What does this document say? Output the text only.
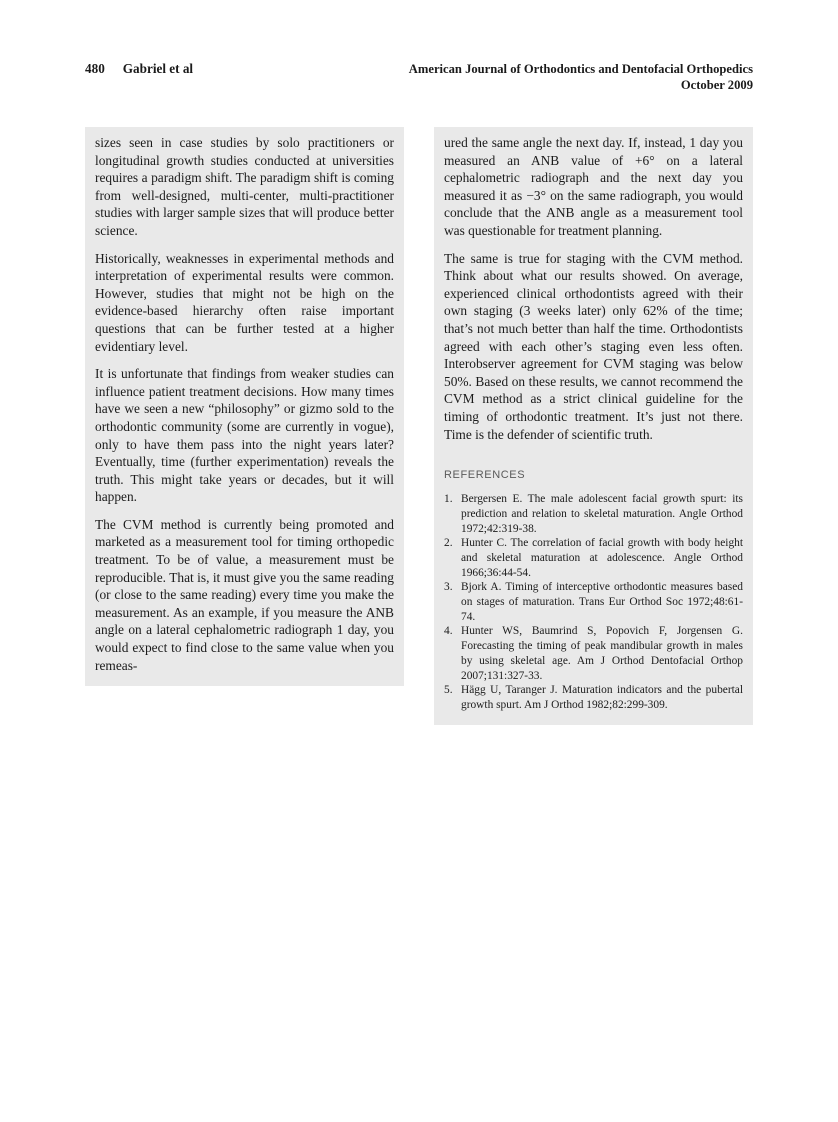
480 Gabriel et al	American Journal of Orthodontics and Dentofacial Orthopedics
October 2009

sizes seen in case studies by solo practitioners or longitudinal growth studies conducted at universities requires a paradigm shift. The paradigm shift is coming from well-designed, multi-center, multi-practitioner studies with larger sample sizes that will produce better science.

Historically, weaknesses in experimental methods and interpretation of experimental results were common. However, studies that might not be high on the evidence-based hierarchy often raise important questions that can be further tested at a higher evidentiary level.

It is unfortunate that findings from weaker studies can influence patient treatment decisions. How many times have we seen a new “philosophy” or gizmo sold to the orthodontic community (some are currently in vogue), only to have them pass into the night years later? Eventually, time (further experimentation) reveals the truth. This might take years or decades, but it will happen.

The CVM method is currently being promoted and marketed as a measurement tool for timing orthopedic treatment. To be of value, a measurement must be reproducible. That is, it must give you the same reading (or close to the same reading) every time you make the measurement. As an example, if you measure the ANB angle on a lateral cephalometric radiograph 1 day, you would expect to find close to the same value when you remeas-

ured the same angle the next day. If, instead, 1 day you measured an ANB value of +6° on a lateral cephalometric radiograph and the next day you measured it as −3° on the same radiograph, you would conclude that the ANB angle as a measurement tool was questionable for treatment planning.

The same is true for staging with the CVM method. Think about what our results showed. On average, experienced clinical orthodontists agreed with their own staging (3 weeks later) only 62% of the time; that’s not much better than half the time. Orthodontists agreed with each other’s staging even less often. Interobserver agreement for CVM staging was below 50%. Based on these results, we cannot recommend the CVM method as a strict clinical guideline for the timing of orthodontic treatment. It’s just not there. Time is the defender of scientific truth.

REFERENCES
Bergersen E. The male adolescent facial growth spurt: its prediction and relation to skeletal maturation. Angle Orthod 1972;42:319-38.
Hunter C. The correlation of facial growth with body height and skeletal maturation at adolescence. Angle Orthod 1966;36:44-54.
Bjork A. Timing of interceptive orthodontic measures based on stages of maturation. Trans Eur Orthod Soc 1972;48:61-74.
Hunter WS, Baumrind S, Popovich F, Jorgensen G. Forecasting the timing of peak mandibular growth in males by using skeletal age. Am J Orthod Dentofacial Orthop 2007;131:327-33.
Hägg U, Taranger J. Maturation indicators and the pubertal growth spurt. Am J Orthod 1982;82:299-309.
